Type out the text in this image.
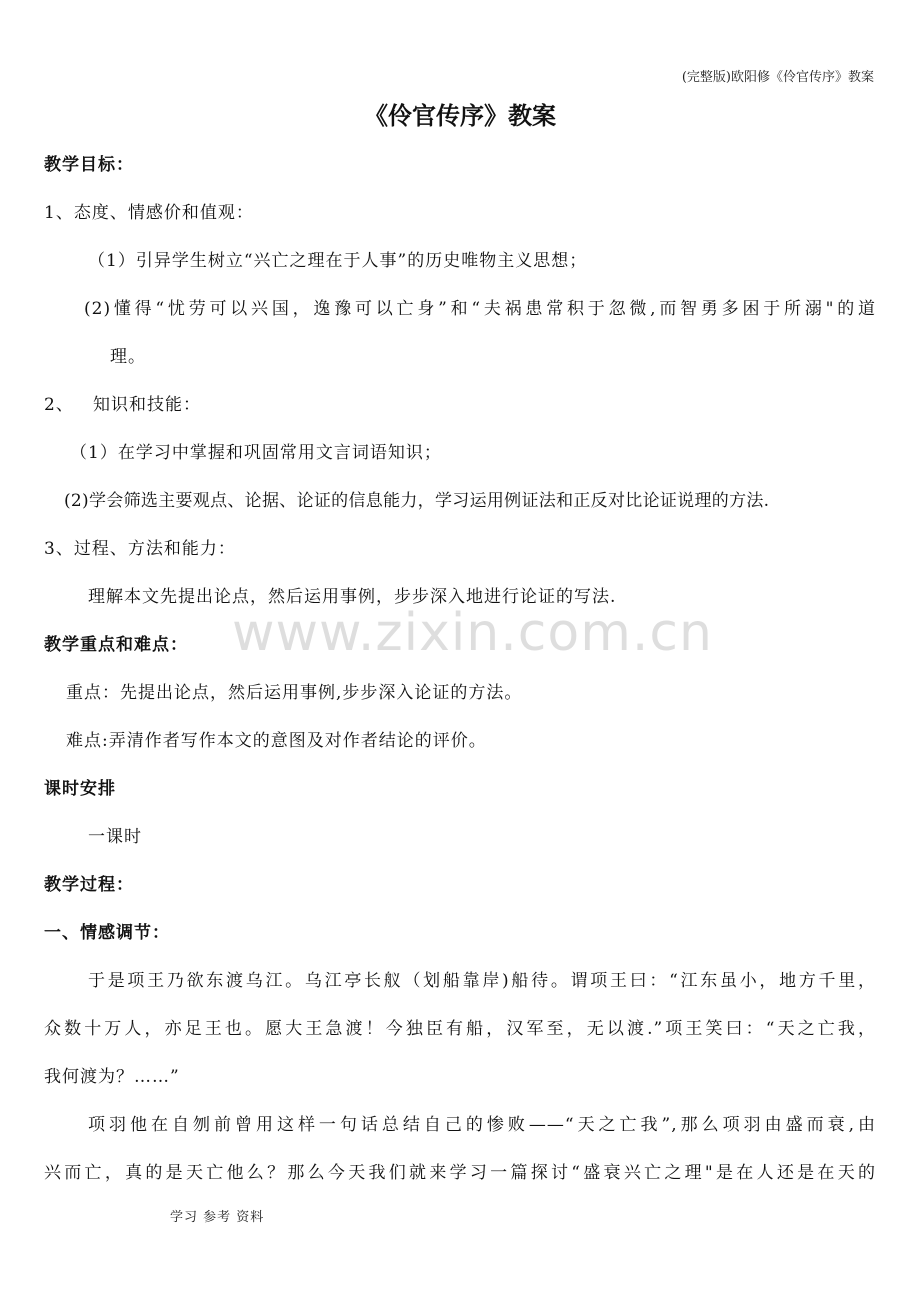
(完整版)欧阳修《伶官传序》教案
《伶官传序》教案
www.zixin.com.cn
教学目标：
1、态度、情感价和值观：
（1）引异学生树立“兴亡之理在于人事”的历史唯物主义思想；
(2)懂得“忧劳可以兴国，逸豫可以亡身”和“夫祸患常积于忽微,而智勇多困于所溺"的道
理。
2、   知识和技能：
（1）在学习中掌握和巩固常用文言词语知识；
(2)学会筛选主要观点、论据、论证的信息能力，学习运用例证法和正反对比论证说理的方法.
3、过程、方法和能力：
理解本文先提出论点，然后运用事例，步步深入地进行论证的写法.
教学重点和难点：
重点：先提出论点，然后运用事例,步步深入论证的方法。
难点:弄清作者写作本文的意图及对作者结论的评价。
课时安排
一课时
教学过程：
一、情感调节：
于是项王乃欲东渡乌江。乌江亭长舣（划船靠岸)船待。谓项王曰：“江东虽小，地方千里，
众数十万人，亦足王也。愿大王急渡！今独臣有船，汉军至，无以渡.”项王笑曰：“天之亡我，
我何渡为？……”
项羽他在自刎前曾用这样一句话总结自己的惨败——“天之亡我”,那么项羽由盛而衰,由
兴而亡，真的是天亡他么？那么今天我们就来学习一篇探讨“盛衰兴亡之理"是在人还是在天的
学习 参考 资料
